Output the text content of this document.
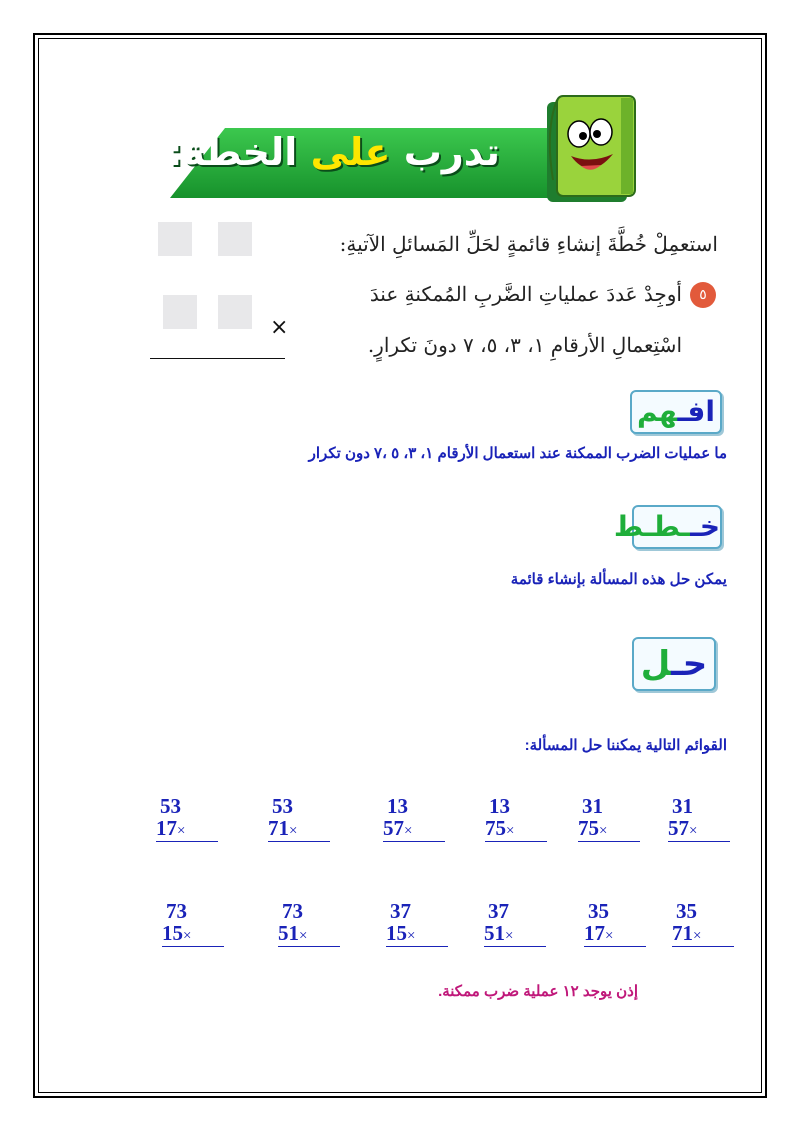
تدرب على الخطة:
استعمِلْ خُطَّةَ إنشاءِ قائمةٍ لحَلِّ المَسائلِ الآتيةِ:
٥
أوجِدْ عَددَ عملياتِ الضَّربِ المُمكنةِ عندَ
اسْتِعمالِ الأرقامِ ١، ٣، ٥، ٧ دونَ تكرارٍ.
×
افـهم
ما عمليات الضرب الممكنة عند استعمال الأرقام ١، ٣، ٥ ،٧ دون تكرار
خــطـط
يمكن حل هذه المسألة بإنشاء قائمة
حـل
القوائم التالية يمكننا حل المسألة:
31
57×
31
75×
13
75×
13
57×
53
71×
53
17×
35
71×
35
17×
37
51×
37
15×
73
51×
73
15×
إذن يوجد ١٢ عملية ضرب ممكنة.
